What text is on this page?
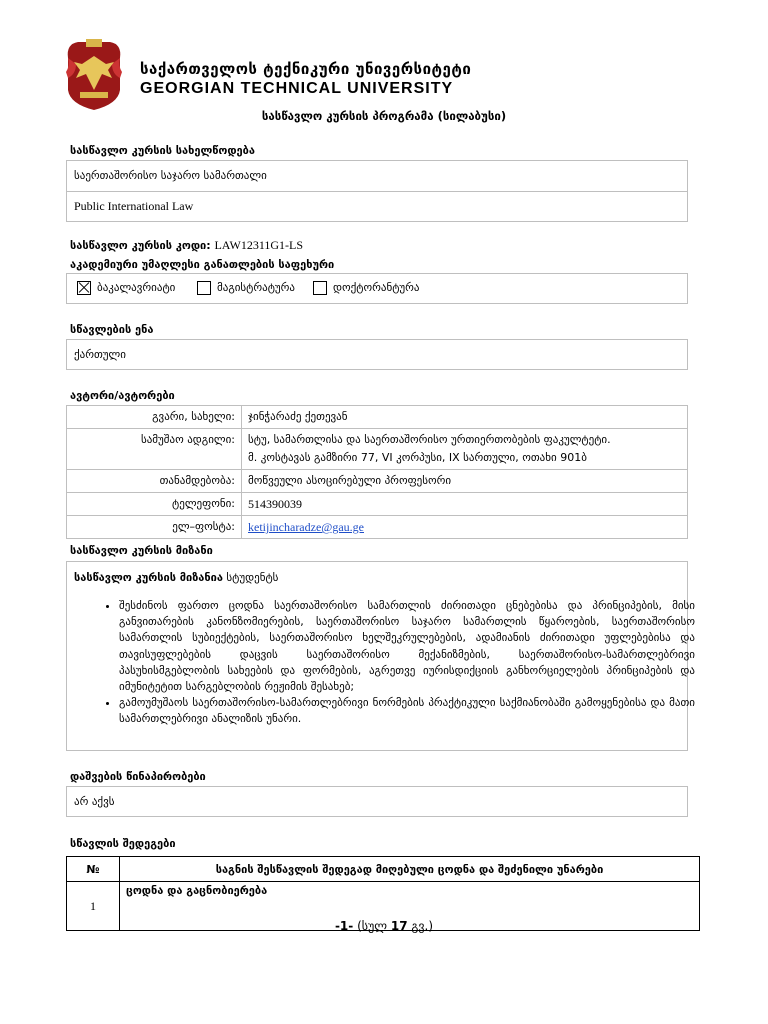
საქართველოს ტექნიკური უნივერსიტეტი
GEORGIAN TECHNICAL UNIVERSITY
სასწავლო კურსის პროგრამა (სილაბუსი)
სასწავლო კურსის სახელწოდება
საერთაშორისო საჯარო სამართალი
Public International Law
სასწავლო კურსის კოდი: LAW12311G1-LS
აკადემიური უმაღლესი განათლების საფეხური
ბაკალავრიატი	მაგისტრატურა	დოქტორანტურა
სწავლების ენა
ქართული
ავტორი/ავტორები
გვარი, სახელი:	ჯინჭარაძე ქეთევან
სამუშაო ადგილი:	სტუ, სამართლისა და საერთაშორისო ურთიერთობების ფაკულტეტი.
მ. კოსტავას გამზირი 77, VI კორპუსი, IX სართული, ოთახი 901ბ

თანამდებობა:	მოწვეული ასოცირებული პროფესორი
ტელეფონი:	514390039
ელ–ფოსტა:	ketijincharadze@gau.ge
სასწავლო კურსის მიზანი
სასწავლო კურსის მიზანია სტუდენტს
• შესძინოს ფართო ცოდნა საერთაშორისო სამართლის ძირითადი ცნებებისა და პრინციპების, მისი განვითარების კანონზომიერების, საერთაშორისო საჯარო სამართლის წყაროების, საერთაშორისო სამართლის სუბიექტების, საერთაშორისო ხელშეკრულებების, ადამიანის ძირითადი უფლებებისა და თავისუფლებების დაცვის საერთაშორისო მექანიზმების, საერთაშორისო-სამართლებრივი პასუხისმგებლობის სახეების და ფორმების, აგრეთვე იურისდიქციის განხორციელების პრინციპების და იმუნიტეტით სარგებლობის რეჟიმის შესახებ;
• გამოუმუშაოს საერთაშორისო-სამართლებრივი ნორმების პრაქტიკული საქმიანობაში გამოყენებისა და მათი სამართლებრივი ანალიზის უნარი.
დაშვების წინაპირობები
არ აქვს
სწავლის შედეგები
№	საგნის შესწავლის შედეგად მიღებული ცოდნა და შეძენილი უნარები
1	ცოდნა და გაცნობიერება
-1- (სულ 17 გვ.)
